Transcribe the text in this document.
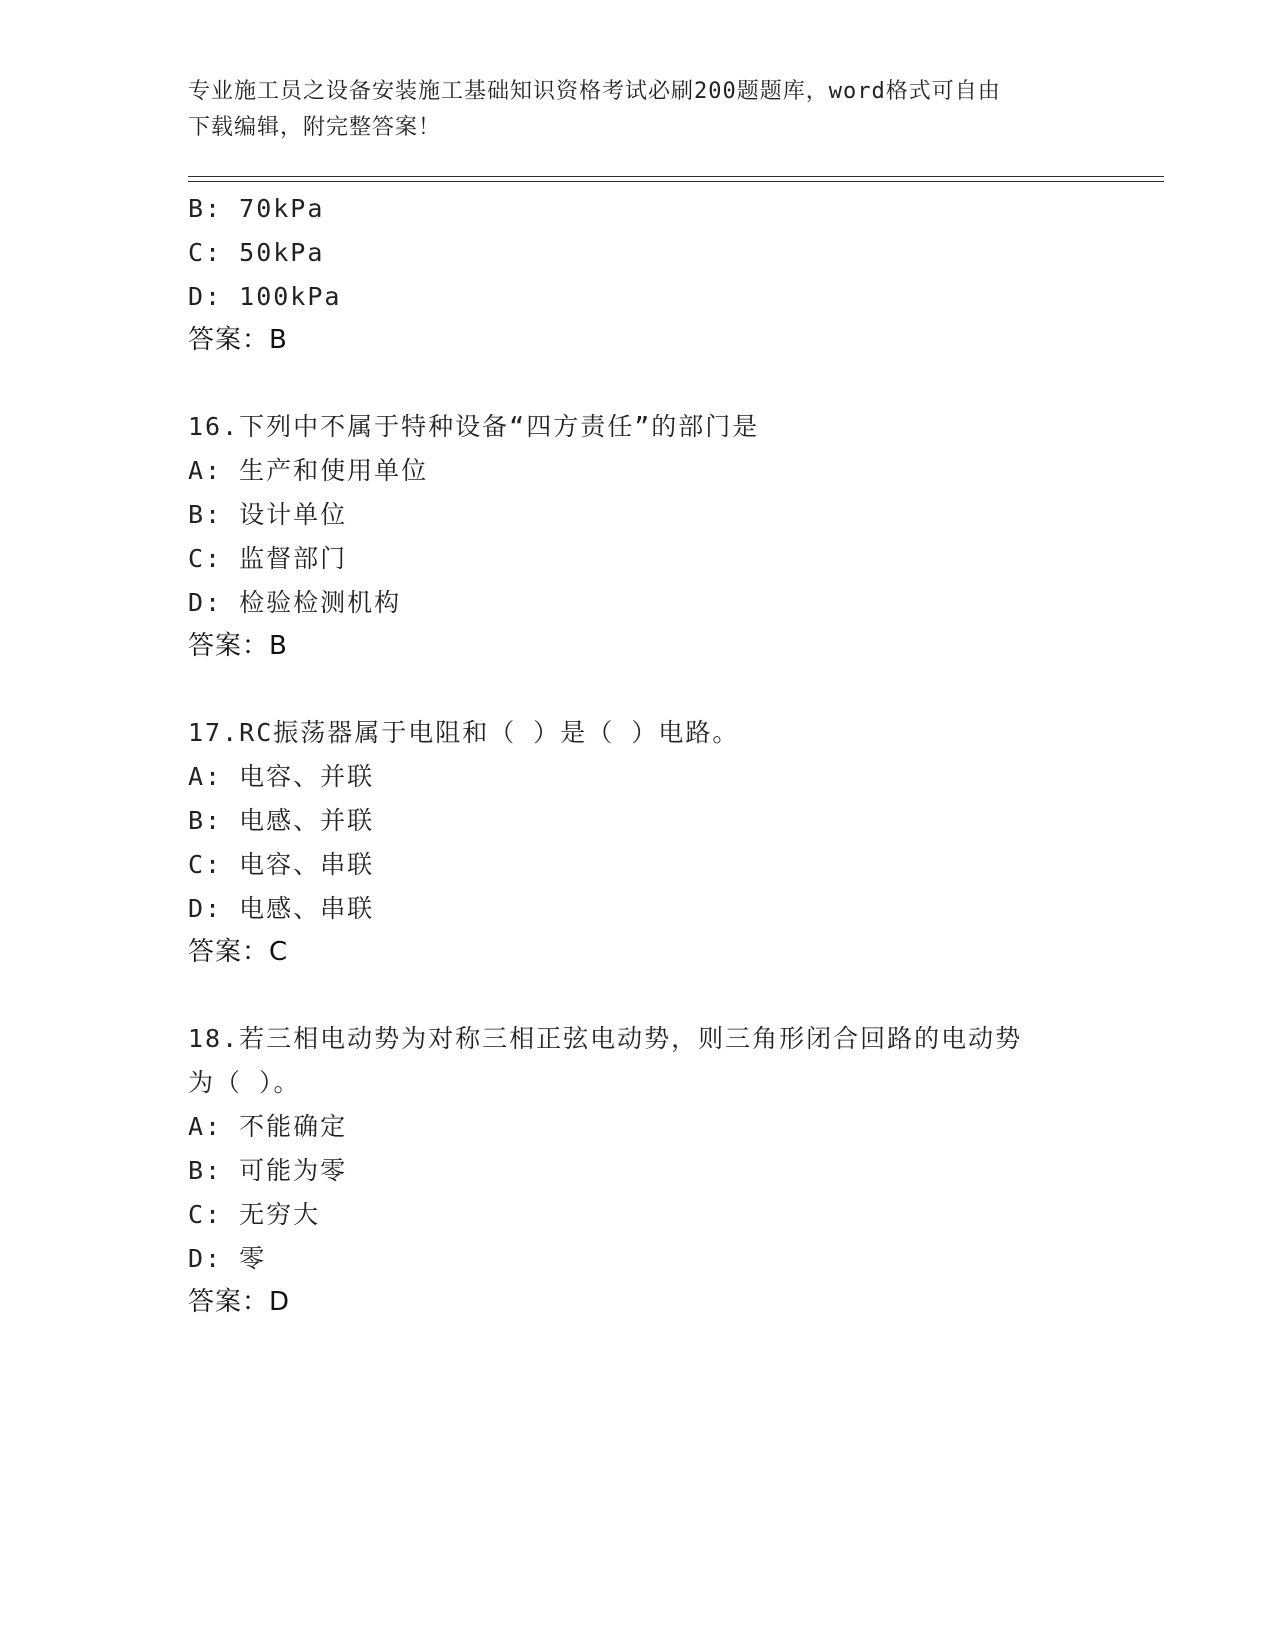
专业施工员之设备安装施工基础知识资格考试必刷200题题库，word格式可自由
下载编辑，附完整答案！
B: 70kPa
C: 50kPa
D: 100kPa
答案：B
16.下列中不属于特种设备“四方责任”的部门是
A: 生产和使用单位
B: 设计单位
C: 监督部门
D: 检验检测机构
答案：B
17.RC振荡器属于电阻和（ ）是（ ）电路。
A: 电容、并联
B: 电感、并联
C: 电容、串联
D: 电感、串联
答案：C
18.若三相电动势为对称三相正弦电动势，则三角形闭合回路的电动势
为（ ）。
A: 不能确定
B: 可能为零
C: 无穷大
D: 零
答案：D
